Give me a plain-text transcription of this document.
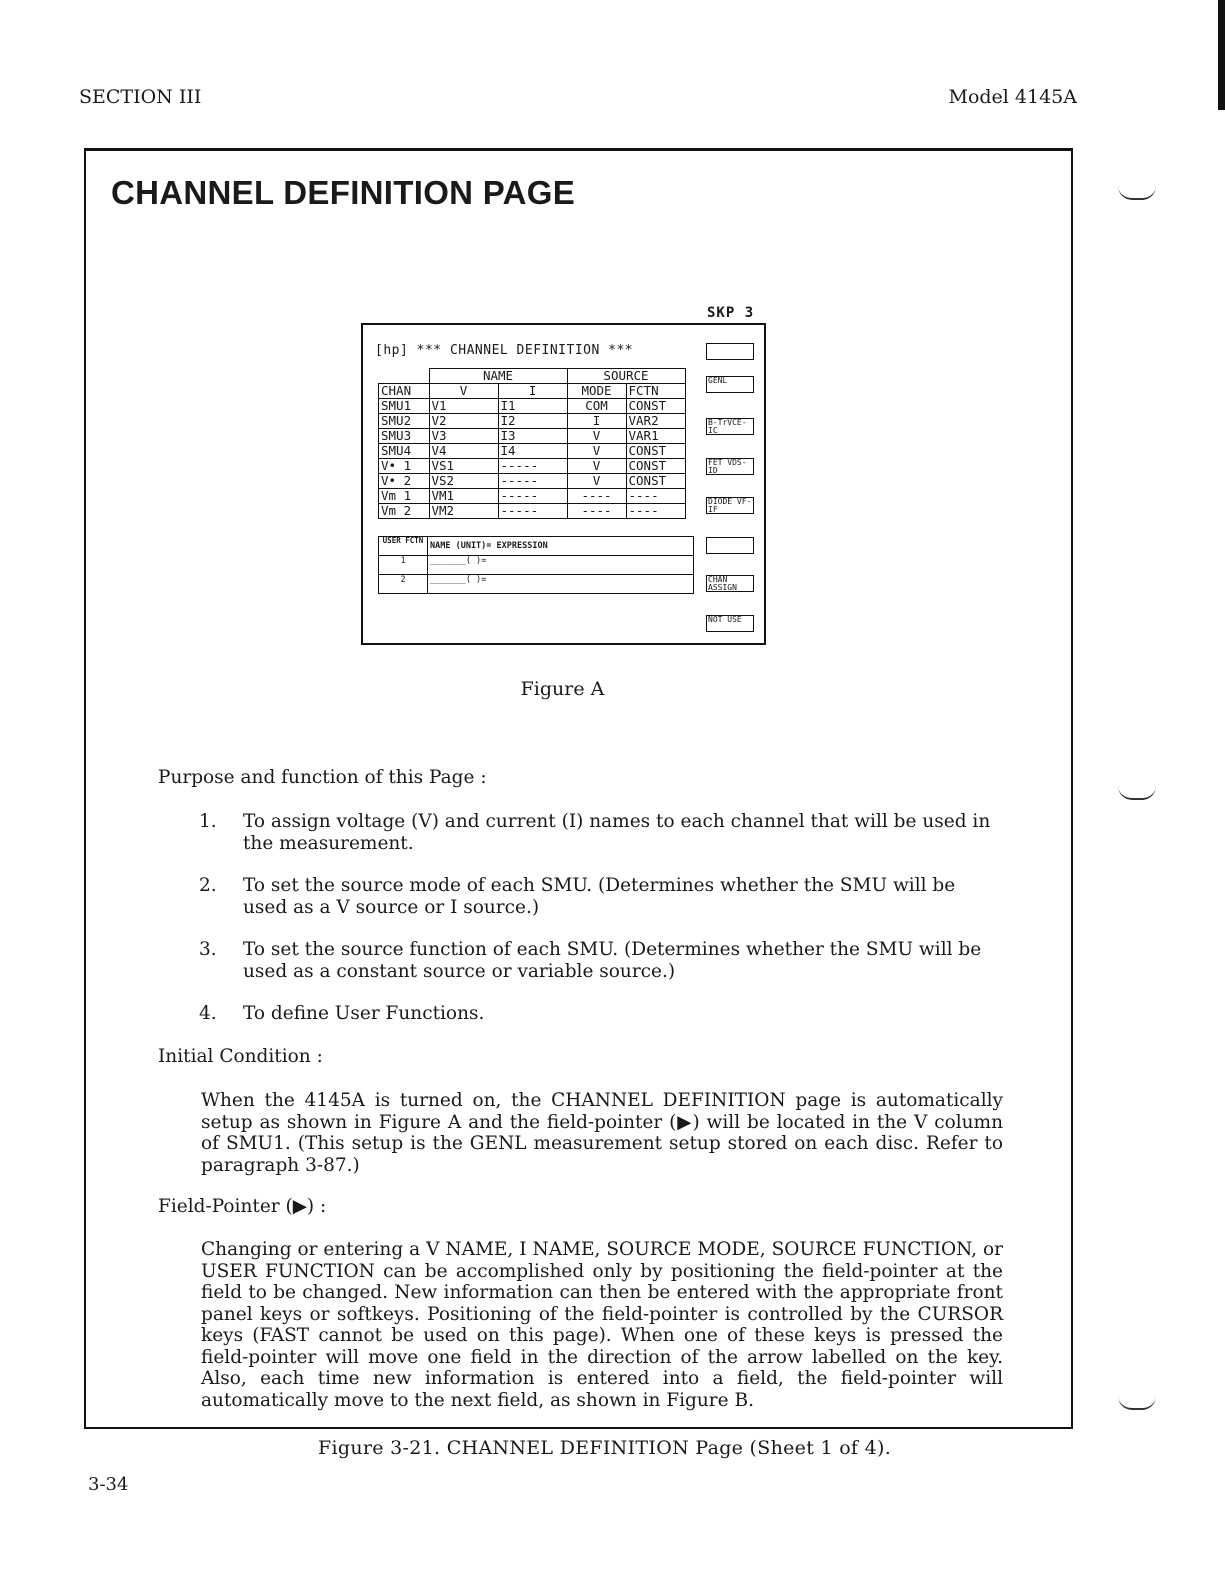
SECTION III	Model 4145A
CHANNEL DEFINITION PAGE
SKP 3
[hp] *** CHANNEL DEFINITION ***
	NAME		SOURCE	
CHAN	V	I	MODE	FCTN
SMU1	V1	I1	COM	CONST
SMU2	V2	I2	I	VAR2
SMU3	V3	I3	V	VAR1
SMU4	V4	I4	V	CONST
V• 1	VS1	-----	V	CONST
V• 2	VS2	-----	V	CONST
Vm 1	VM1	-----	----	----
Vm 2	VM2	-----	----	----
USER FCTN	NAME (UNIT)= EXPRESSION
1	_______( )=
2	_______( )=
GENL
B-TrVCE-IC
FET VDS-ID
DIODE VF-IF
CHAN ASSIGN
NOT USE
Figure A
Purpose and function of this Page :
1. To assign voltage (V) and current (I) names to each channel that will be used in the measurement.
2. To set the source mode of each SMU. (Determines whether the SMU will be used as a V source or I source.)
3. To set the source function of each SMU. (Determines whether the SMU will be used as a constant source or variable source.)
4. To define User Functions.
Initial Condition :
When the 4145A is turned on, the CHANNEL DEFINITION page is automatically setup as shown in Figure A and the field-pointer (▶) will be located in the V column of SMU1. (This setup is the GENL measurement setup stored on each disc. Refer to paragraph 3-87.)
Field-Pointer (▶) :
Changing or entering a V NAME, I NAME, SOURCE MODE, SOURCE FUNCTION, or USER FUNCTION can be accomplished only by positioning the field-pointer at the field to be changed. New information can then be entered with the appropriate front panel keys or softkeys. Positioning of the field-pointer is controlled by the CURSOR keys (FAST cannot be used on this page). When one of these keys is pressed the field-pointer will move one field in the direction of the arrow labelled on the key. Also, each time new information is entered into a field, the field-pointer will automatically move to the next field, as shown in Figure B.
Figure 3-21. CHANNEL DEFINITION Page (Sheet 1 of 4).
3-34
